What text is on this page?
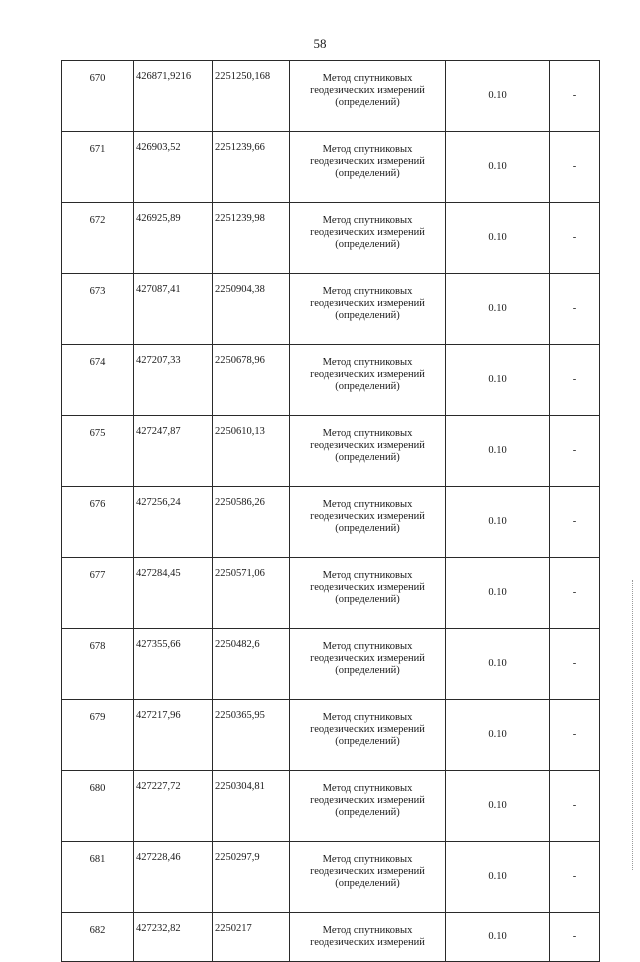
58
670	426871,9216	2251250,168	Метод спутниковых
геодезических измерений
(определений)	0.10	-
671	426903,52	2251239,66	Метод спутниковых
геодезических измерений
(определений)	0.10	-
672	426925,89	2251239,98	Метод спутниковых
геодезических измерений
(определений)	0.10	-
673	427087,41	2250904,38	Метод спутниковых
геодезических измерений
(определений)	0.10	-
674	427207,33	2250678,96	Метод спутниковых
геодезических измерений
(определений)	0.10	-
675	427247,87	2250610,13	Метод спутниковых
геодезических измерений
(определений)	0.10	-
676	427256,24	2250586,26	Метод спутниковых
геодезических измерений
(определений)	0.10	-
677	427284,45	2250571,06	Метод спутниковых
геодезических измерений
(определений)	0.10	-
678	427355,66	2250482,6	Метод спутниковых
геодезических измерений
(определений)	0.10	-
679	427217,96	2250365,95	Метод спутниковых
геодезических измерений
(определений)	0.10	-
680	427227,72	2250304,81	Метод спутниковых
геодезических измерений
(определений)	0.10	-
681	427228,46	2250297,9	Метод спутниковых
геодезических измерений
(определений)	0.10	-
682	427232,82	2250217	Метод спутниковых
геодезических измерений	0.10	-
